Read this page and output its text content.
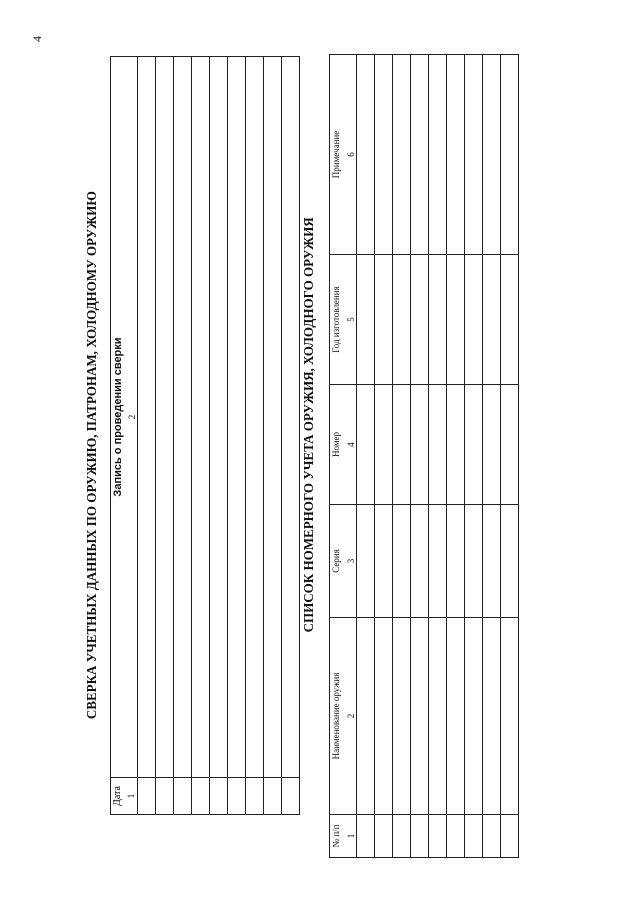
4
СВЕРКА УЧЕТНЫХ ДАННЫХ ПО ОРУЖИЮ, ПАТРОНАМ, ХОЛОДНОМУ ОРУЖИЮ
Дата 1	Запись о проведении сверки 2

		СПИСОК НОМЕРНОГО УЧЕТА ОРУЖИЯ, ХОЛОДНОГО ОРУЖИЯ
№ п/п 1	Наименование оружия 2	Серия 3	Номер 4	Год изготовления 5	Примечание 6
